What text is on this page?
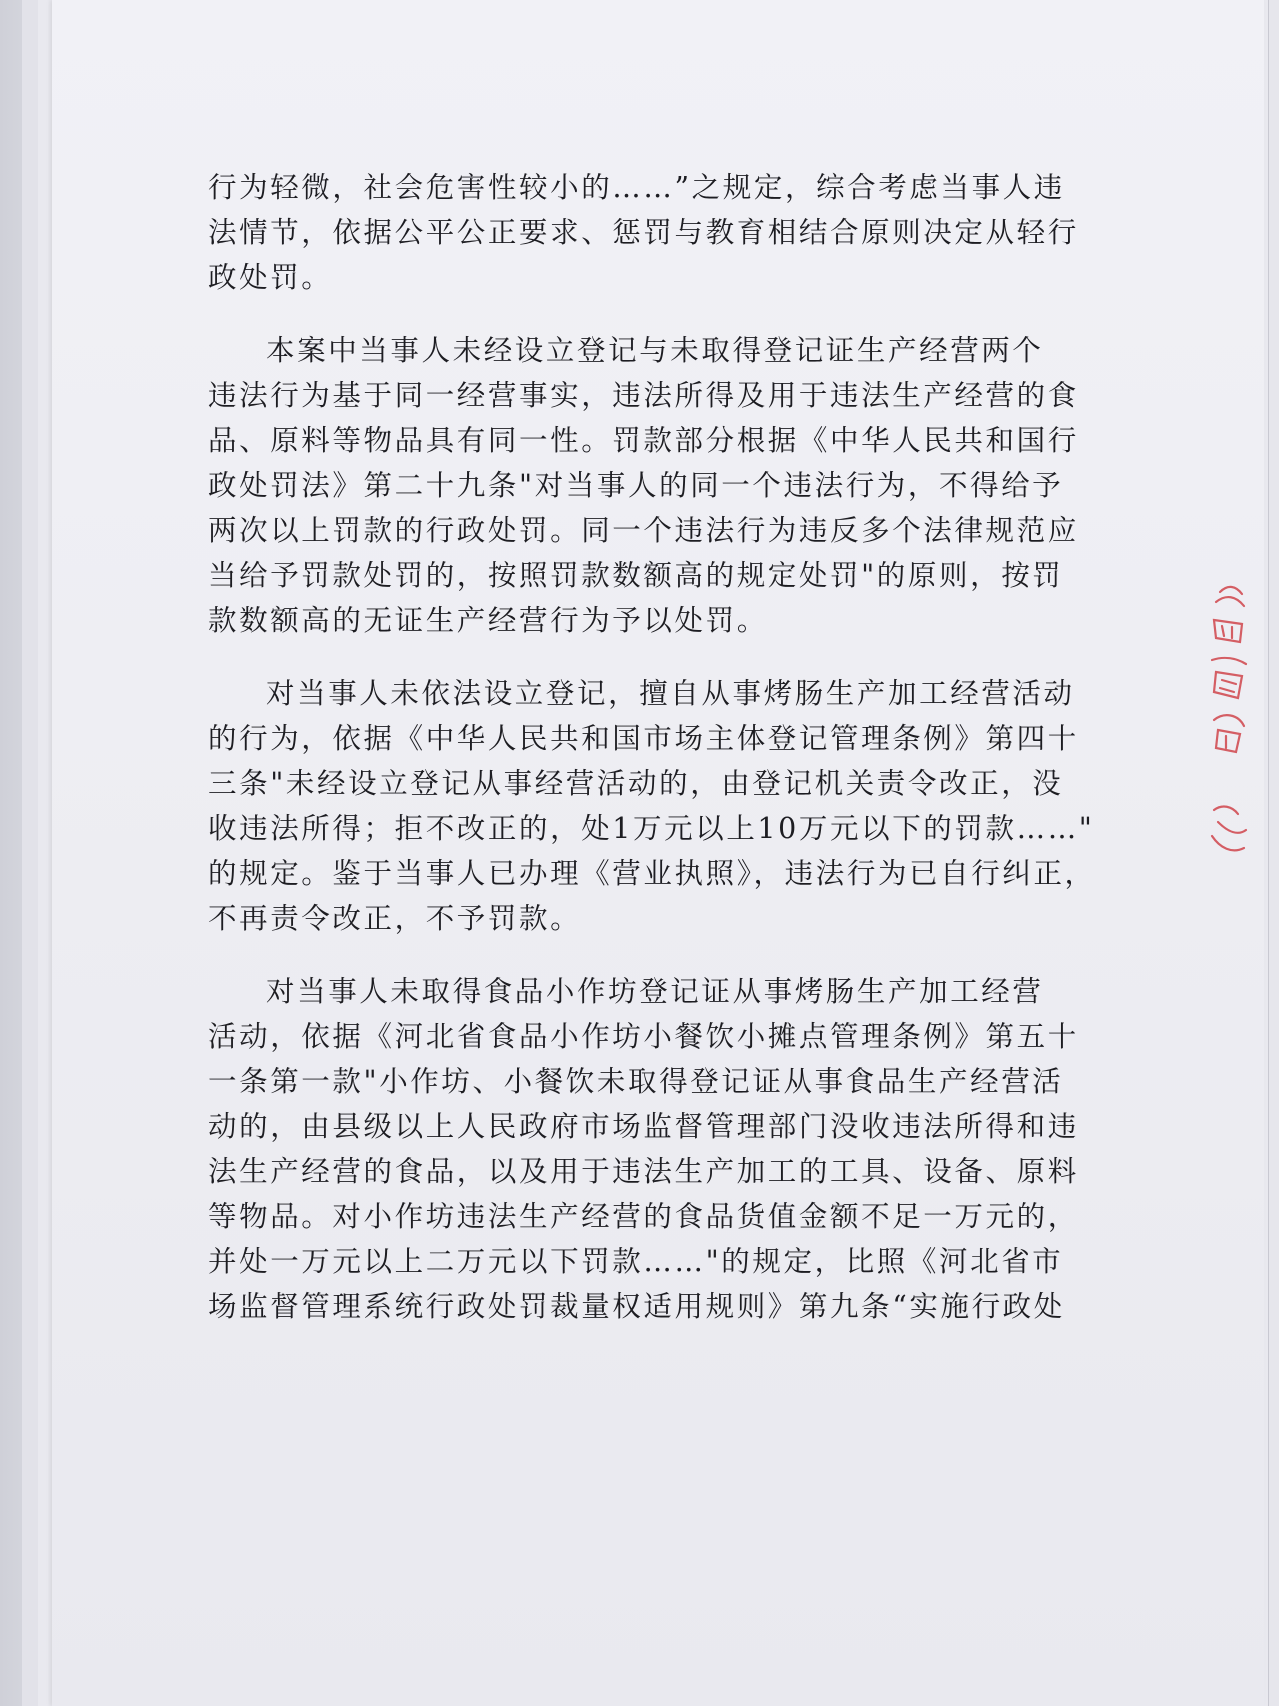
行为轻微，社会危害性较小的……”之规定，综合考虑当事人违
法情节，依据公平公正要求、惩罚与教育相结合原则决定从轻行
政处罚。
本案中当事人未经设立登记与未取得登记证生产经营两个
违法行为基于同一经营事实，违法所得及用于违法生产经营的食
品、原料等物品具有同一性。罚款部分根据《中华人民共和国行
政处罚法》第二十九条"对当事人的同一个违法行为，不得给予
两次以上罚款的行政处罚。同一个违法行为违反多个法律规范应
当给予罚款处罚的，按照罚款数额高的规定处罚"的原则，按罚
款数额高的无证生产经营行为予以处罚。
对当事人未依法设立登记，擅自从事烤肠生产加工经营活动
的行为，依据《中华人民共和国市场主体登记管理条例》第四十
三条"未经设立登记从事经营活动的，由登记机关责令改正，没
收违法所得；拒不改正的，处1万元以上10万元以下的罚款……"
的规定。鉴于当事人已办理《营业执照》，违法行为已自行纠正，
不再责令改正，不予罚款。
对当事人未取得食品小作坊登记证从事烤肠生产加工经营
活动，依据《河北省食品小作坊小餐饮小摊点管理条例》第五十
一条第一款"小作坊、小餐饮未取得登记证从事食品生产经营活
动的，由县级以上人民政府市场监督管理部门没收违法所得和违
法生产经营的食品，以及用于违法生产加工的工具、设备、原料
等物品。对小作坊违法生产经营的食品货值金额不足一万元的，
并处一万元以上二万元以下罚款……"的规定，比照《河北省市
场监督管理系统行政处罚裁量权适用规则》第九条“实施行政处
